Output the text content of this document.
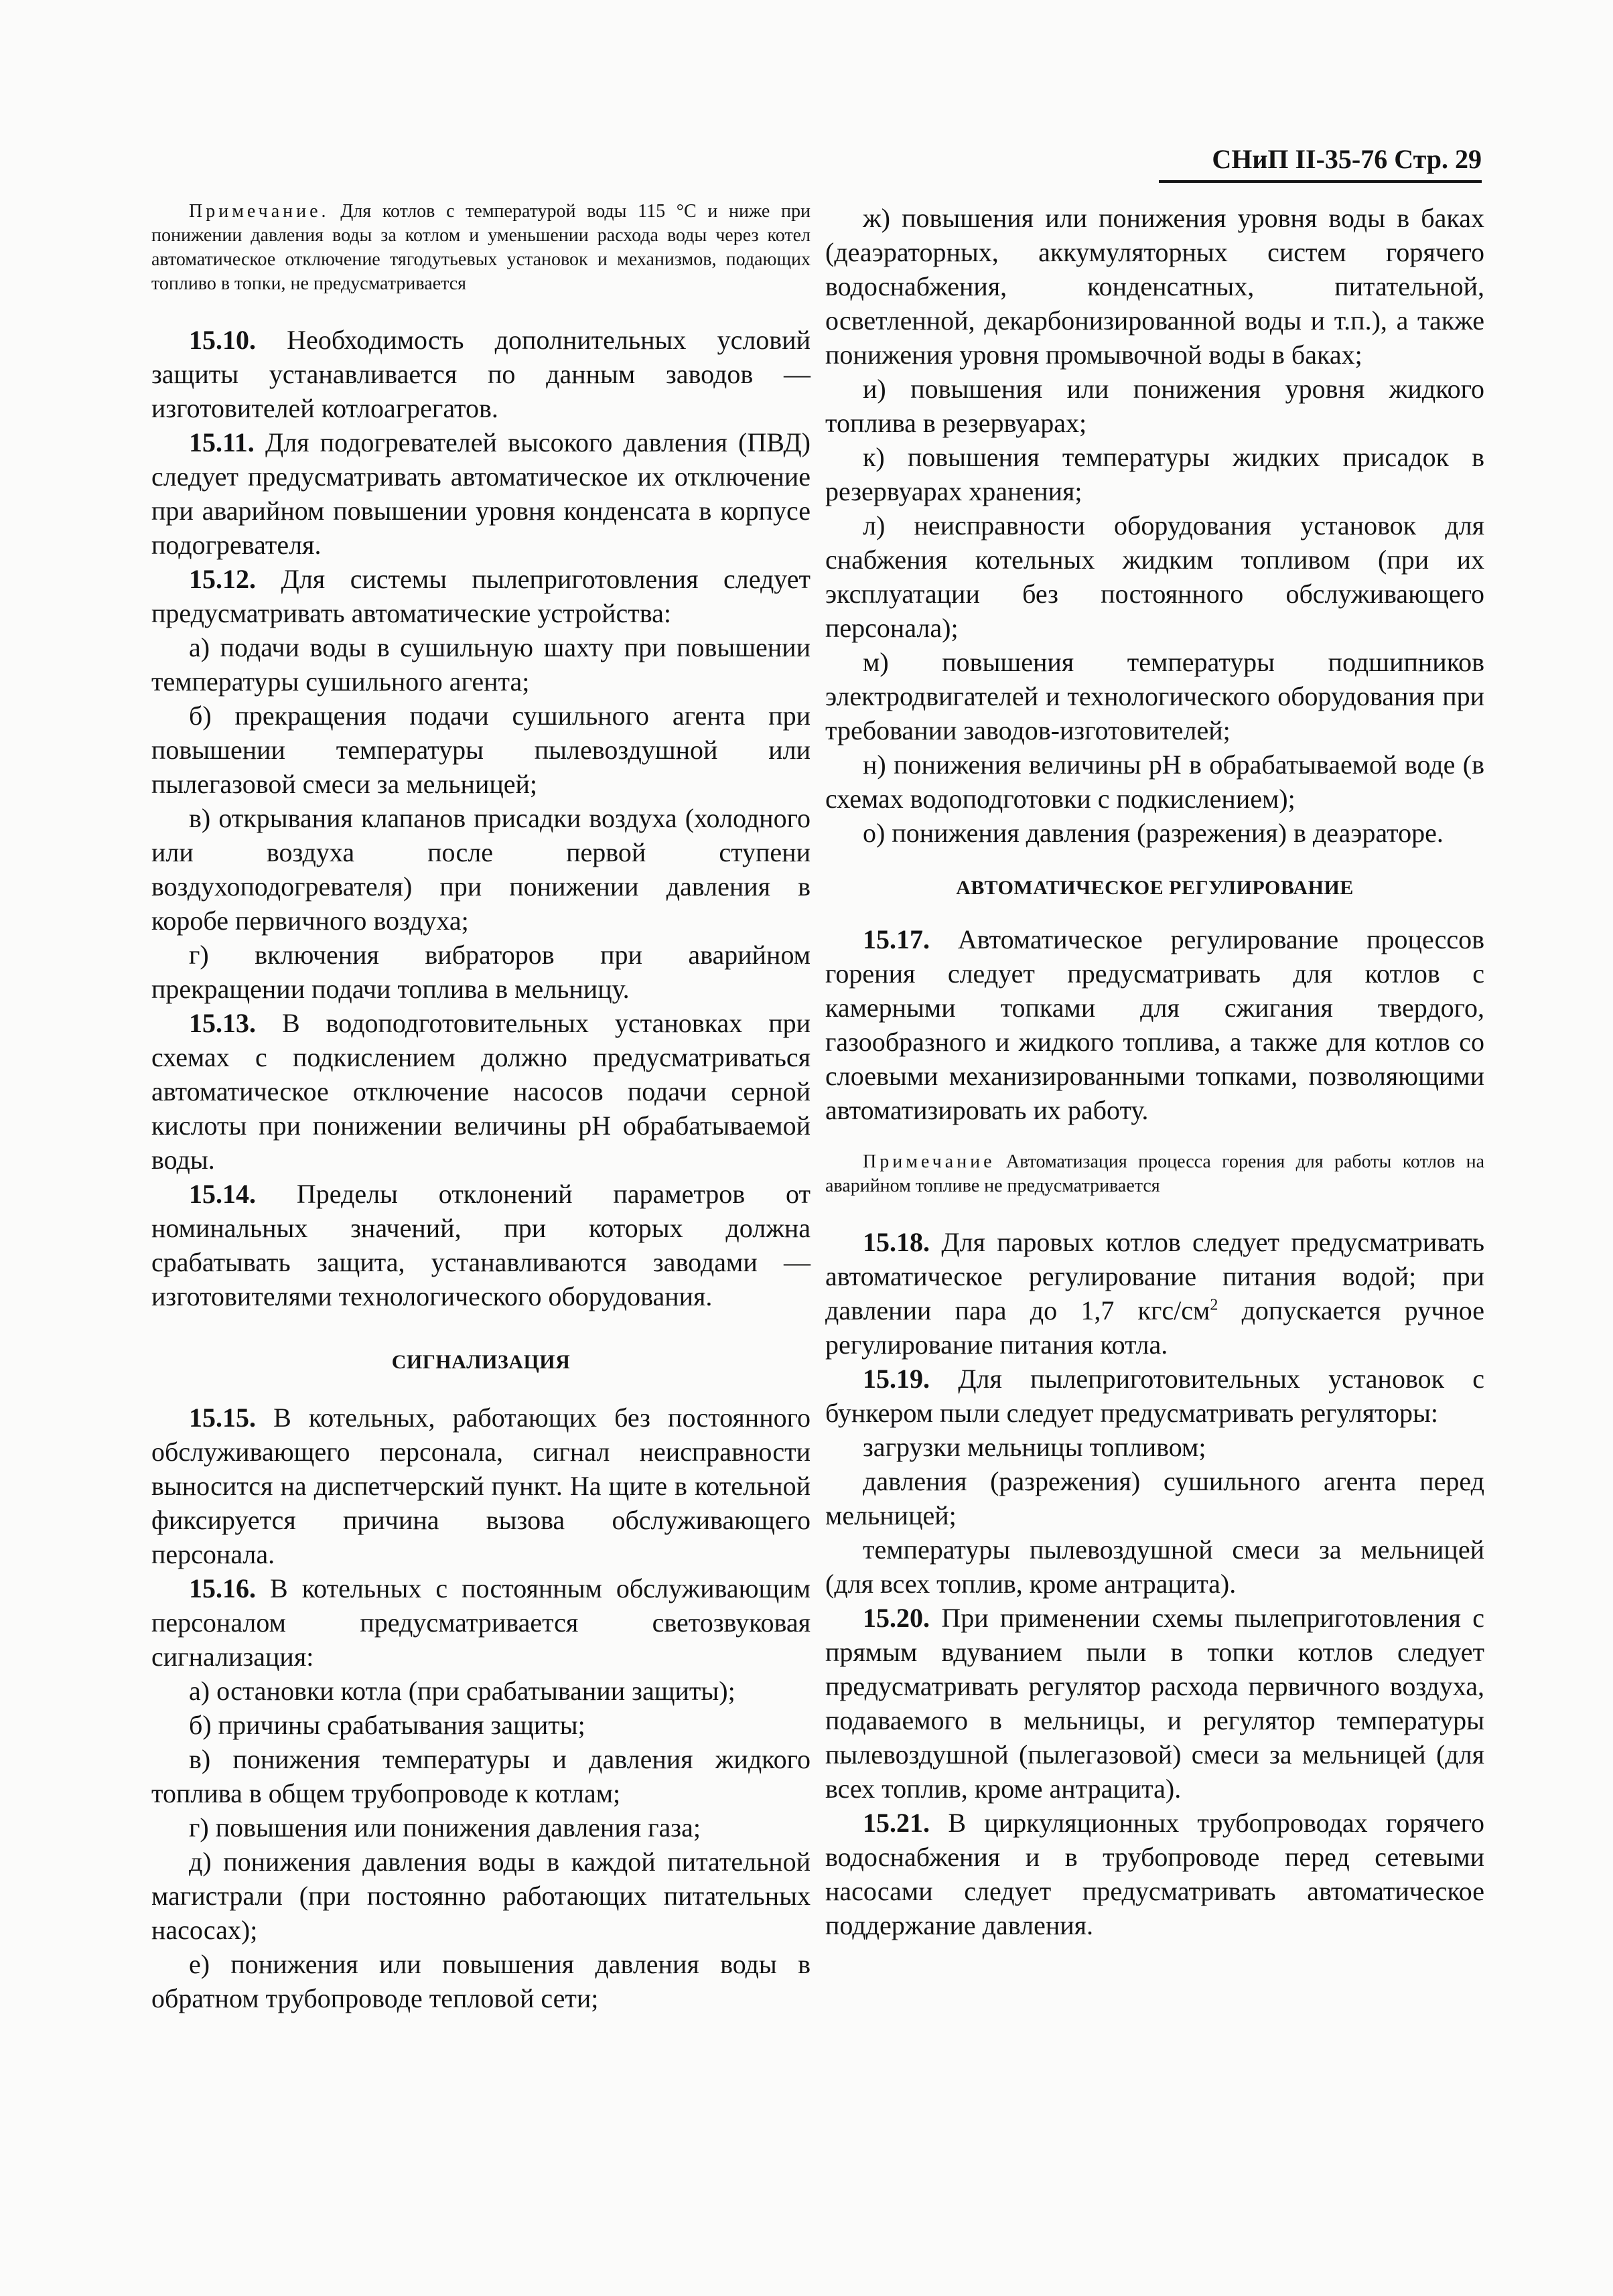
СНиП II-35-76 Стр. 29

Примечание. Для котлов с температурой воды 115 °С и ниже при понижении давления воды за котлом и уменьшении расхода воды через котел автоматическое отключение тягодутьевых установок и механизмов, подающих топливо в топки, не предусматривается

15.10. Необходимость дополнительных условий защиты устанавливается по данным заводов — изготовителей котлоагрегатов.

15.11. Для подогревателей высокого давления (ПВД) следует предусматривать автоматическое их отключение при аварийном повышении уровня конденсата в корпусе подогревателя.

15.12. Для системы пылеприготовления следует предусматривать автоматические устройства:

а) подачи воды в сушильную шахту при повышении температуры сушильного агента;

б) прекращения подачи сушильного агента при повышении температуры пылевоздушной или пылегазовой смеси за мельницей;

в) открывания клапанов присадки воздуха (холодного или воздуха после первой ступени воздухоподогревателя) при понижении давления в коробе первичного воздуха;

г) включения вибраторов при аварийном прекращении подачи топлива в мельницу.

15.13. В водоподготовительных установках при схемах с подкислением должно предусматриваться автоматическое отключение насосов подачи серной кислоты при понижении величины pH обрабатываемой воды.

15.14. Пределы отклонений параметров от номинальных значений, при которых должна срабатывать защита, устанавливаются заводами — изготовителями технологического оборудования.

СИГНАЛИЗАЦИЯ

15.15. В котельных, работающих без постоянного обслуживающего персонала, сигнал неисправности выносится на диспетчерский пункт. На щите в котельной фиксируется причина вызова обслуживающего персонала.

15.16. В котельных с постоянным обслуживающим персоналом предусматривается светозвуковая сигнализация:

а) остановки котла (при срабатывании защиты);

б) причины срабатывания защиты;

в) понижения температуры и давления жидкого топлива в общем трубопроводе к котлам;

г) повышения или понижения давления газа;

д) понижения давления воды в каждой питательной магистрали (при постоянно работающих питательных насосах);

е) понижения или повышения давления воды в обратном трубопроводе тепловой сети;

ж) повышения или понижения уровня воды в баках (деаэраторных, аккумуляторных систем горячего водоснабжения, конденсатных, питательной, осветленной, декарбонизированной воды и т.п.), а также понижения уровня промывочной воды в баках;

и) повышения или понижения уровня жидкого топлива в резервуарах;

к) повышения температуры жидких присадок в резервуарах хранения;

л) неисправности оборудования установок для снабжения котельных жидким топливом (при их эксплуатации без постоянного обслуживающего персонала);

м) повышения температуры подшипников электродвигателей и технологического оборудования при требовании заводов-изготовителей;

н) понижения величины pH в обрабатываемой воде (в схемах водоподготовки с подкислением);

о) понижения давления (разрежения) в деаэраторе.

АВТОМАТИЧЕСКОЕ РЕГУЛИРОВАНИЕ

15.17. Автоматическое регулирование процессов горения следует предусматривать для котлов с камерными топками для сжигания твердого, газообразного и жидкого топлива, а также для котлов со слоевыми механизированными топками, позволяющими автоматизировать их работу.

Примечание Автоматизация процесса горения для работы котлов на аварийном топливе не предусматривается

15.18. Для паровых котлов следует предусматривать автоматическое регулирование питания водой; при давлении пара до 1,7 кгс/$см^2$ допускается ручное регулирование питания котла.

15.19. Для пылеприготовительных установок с бункером пыли следует предусматривать регуляторы:

загрузки мельницы топливом;

давления (разрежения) сушильного агента перед мельницей;

температуры пылевоздушной смеси за мельницей (для всех топлив, кроме антрацита).

15.20. При применении схемы пылеприготовления с прямым вдуванием пыли в топки котлов следует предусматривать регулятор расхода первичного воздуха, подаваемого в мельницы, и регулятор температуры пылевоздушной (пылегазовой) смеси за мельницей (для всех топлив, кроме антрацита).

15.21. В циркуляционных трубопроводах горячего водоснабжения и в трубопроводе перед сетевыми насосами следует предусматривать автоматическое поддержание давления.
